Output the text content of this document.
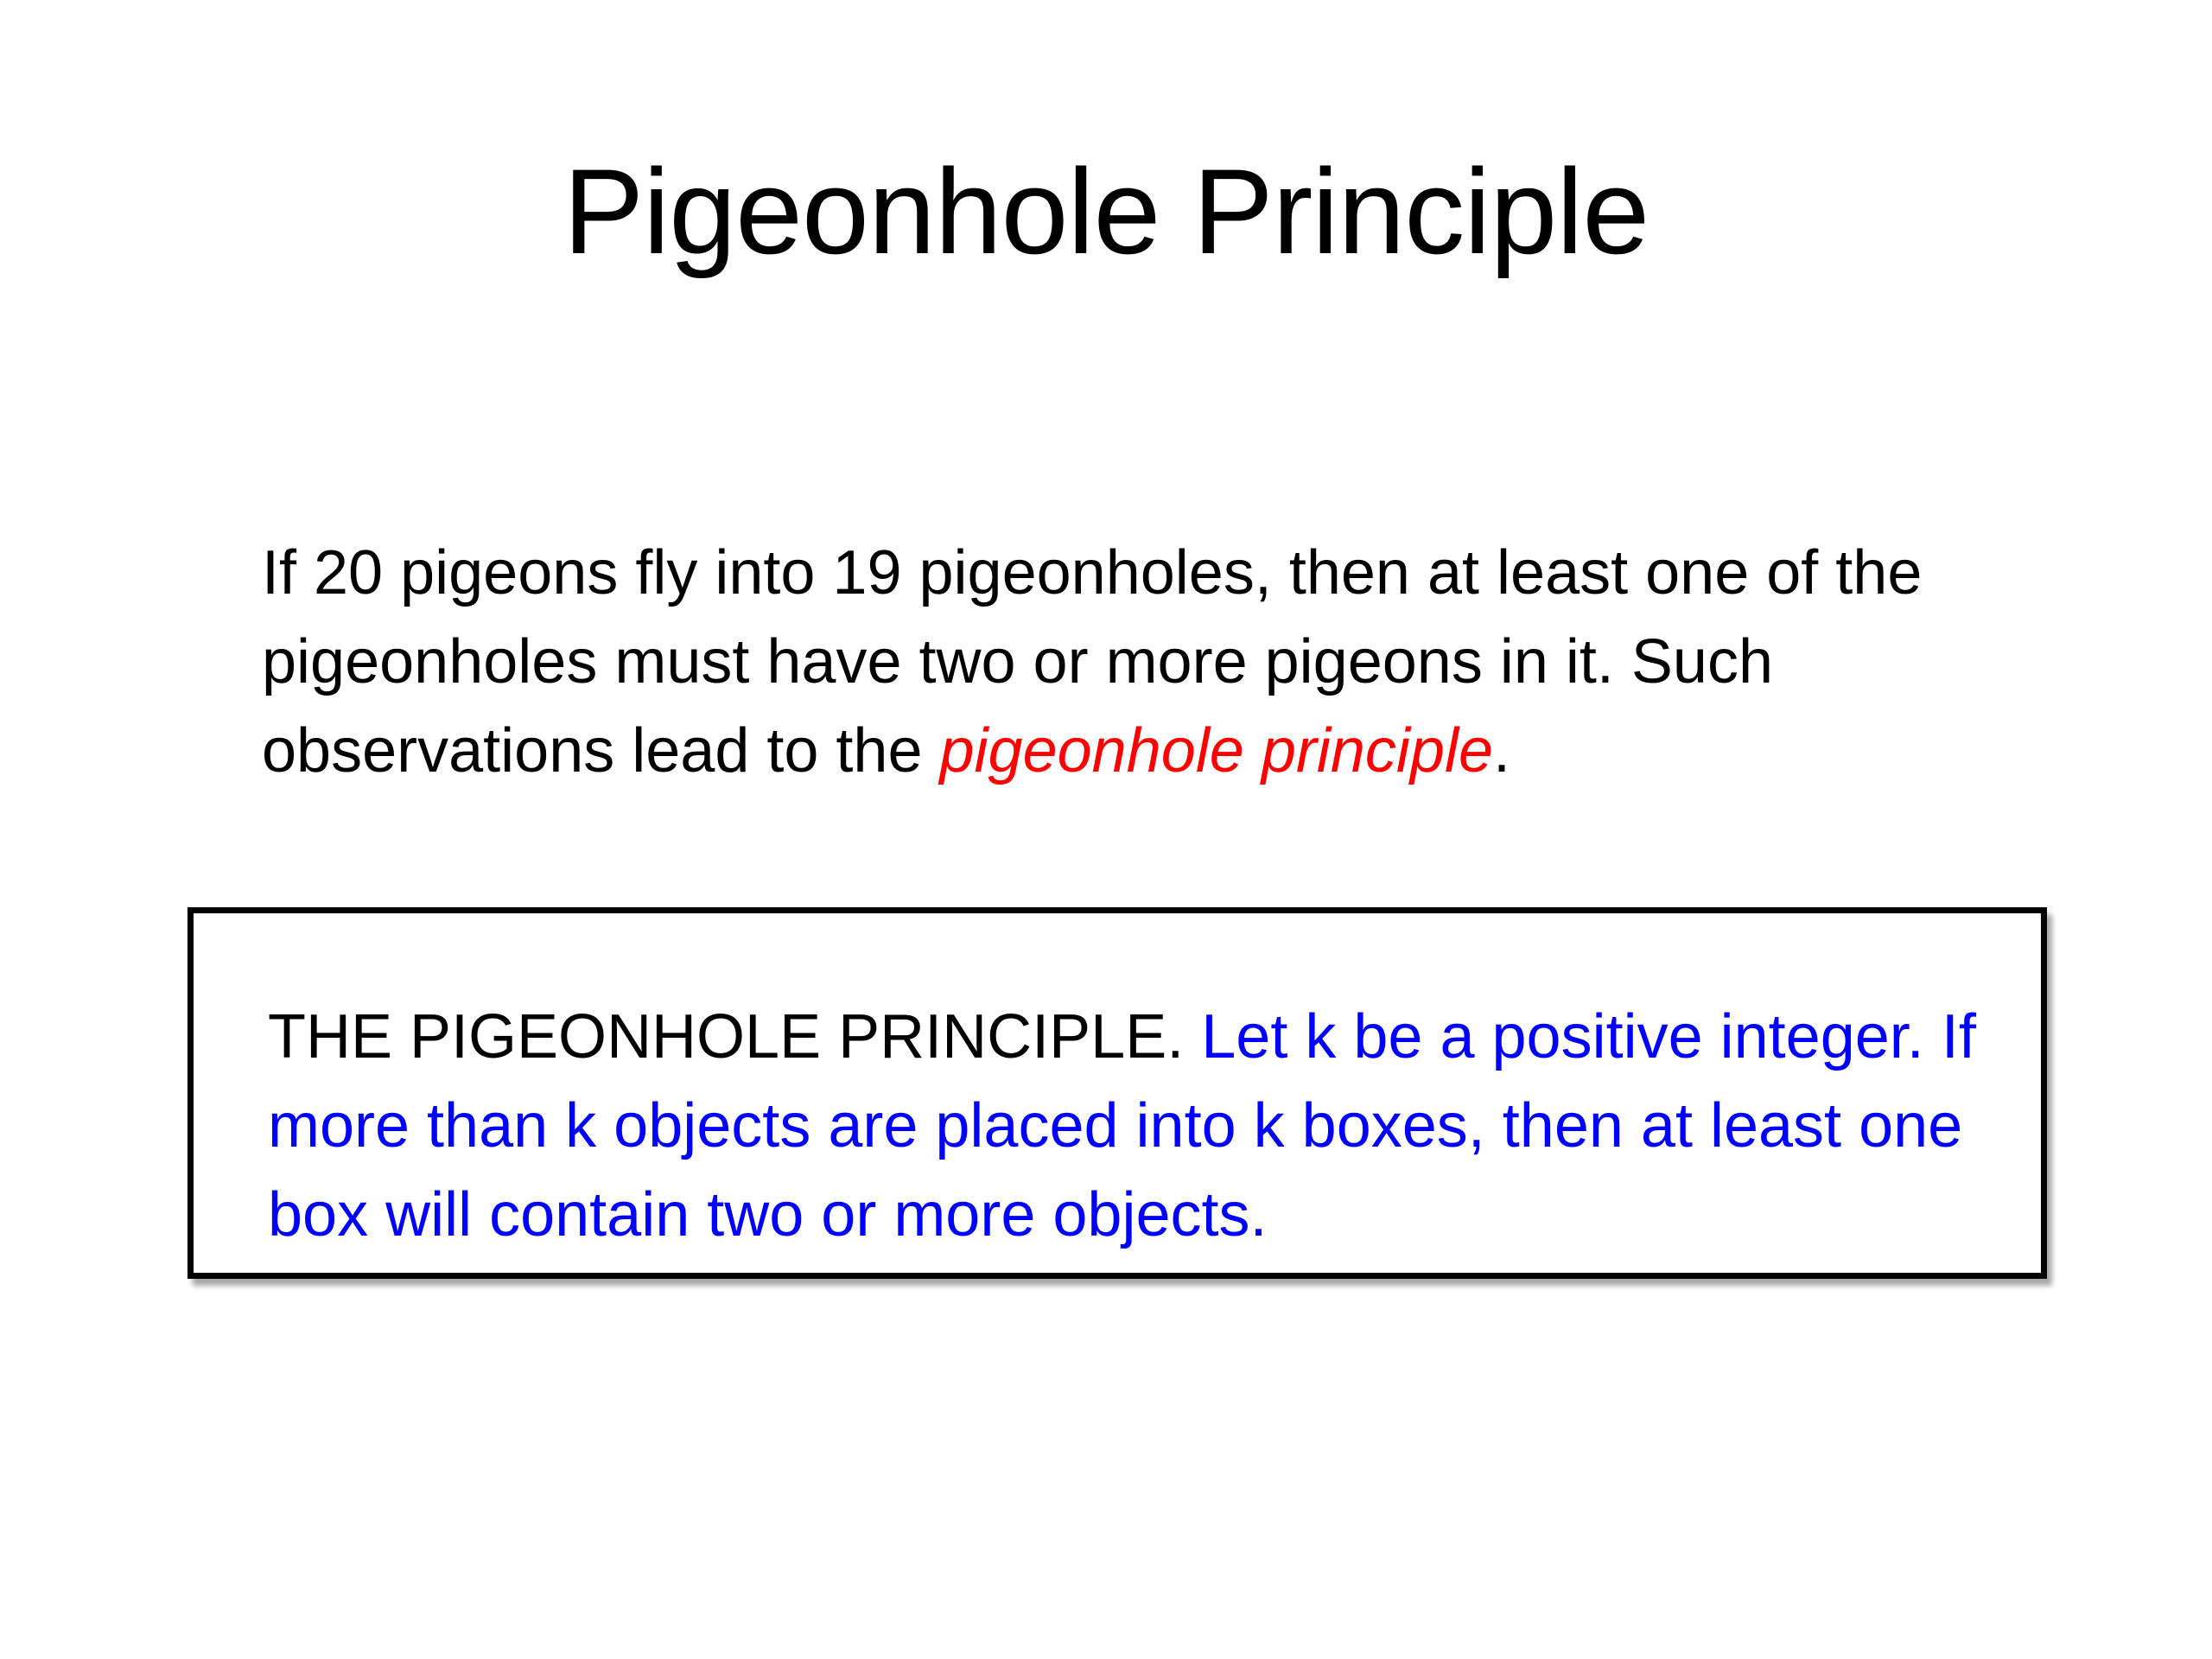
Pigeonhole Principle

If 20 pigeons fly into 19 pigeonholes, then at least one of the pigeonholes must have two or more pigeons in it. Such observations lead to the pigeonhole principle.

THE PIGEONHOLE PRINCIPLE. Let k be a positive integer. If more than k objects are placed into k boxes, then at least one box will contain two or more objects.
